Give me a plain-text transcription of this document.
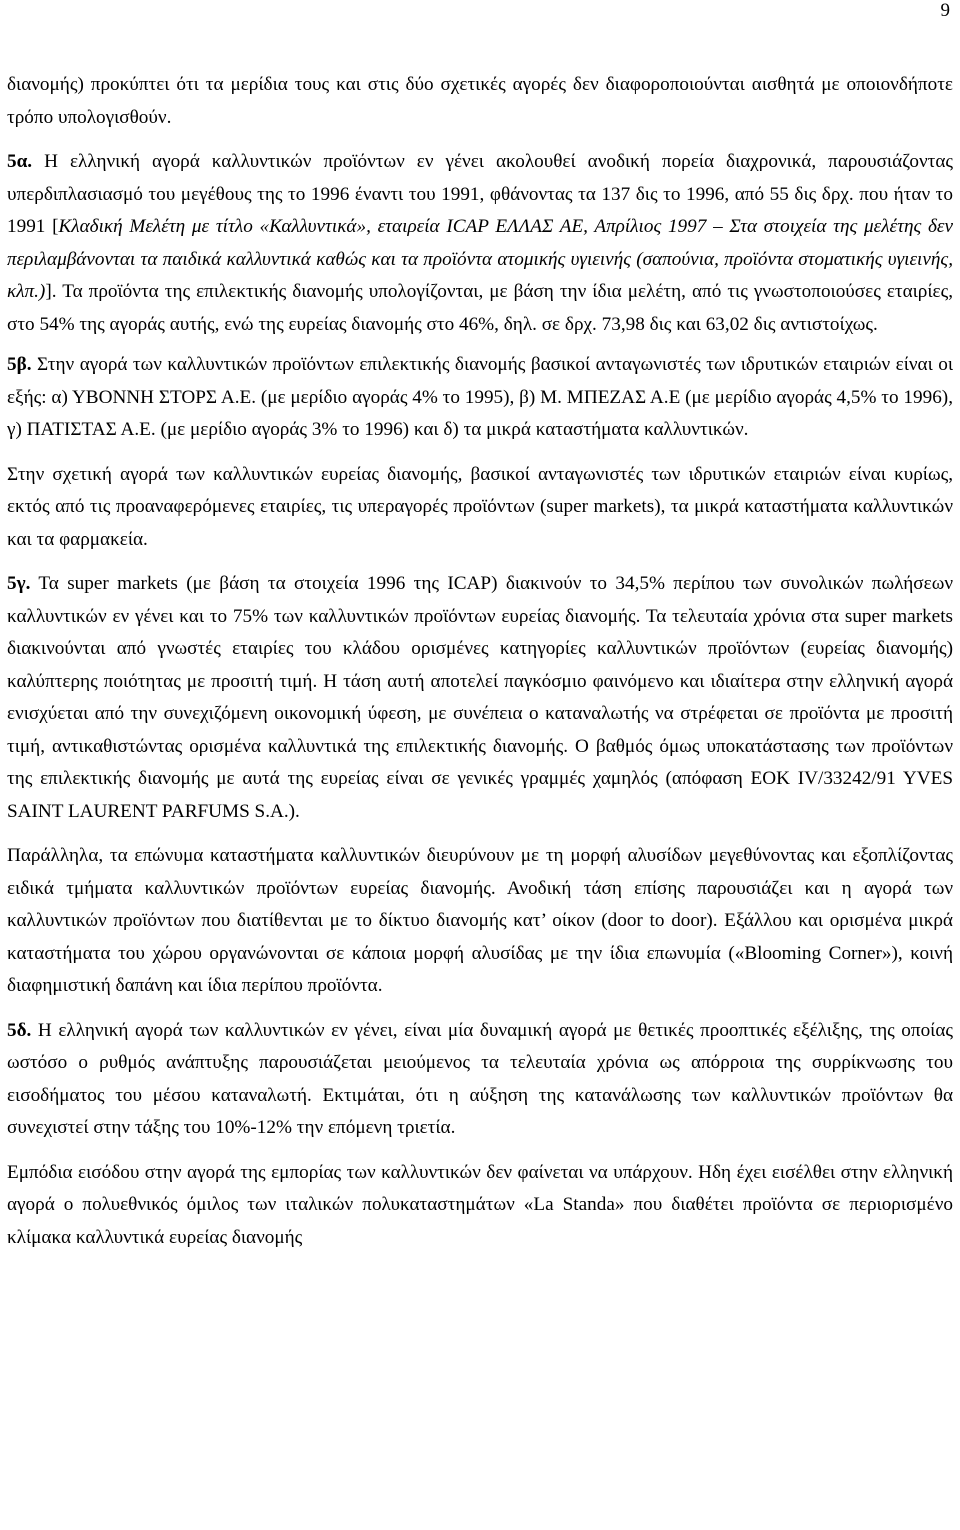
9

διανομής) προκύπτει ότι τα μερίδια τους και στις δύο σχετικές αγορές δεν διαφοροποιούνται αισθητά με οποιονδήποτε τρόπο υπολογισθούν.

5α. Η ελληνική αγορά καλλυντικών προϊόντων εν γένει ακολουθεί ανοδική πορεία διαχρονικά, παρουσιάζοντας υπερδιπλασιασμό του μεγέθους της το 1996 έναντι του 1991, φθάνοντας τα 137 δις το 1996, από 55 δις δρχ. που ήταν το 1991 [Κλαδική Μελέτη με τίτλο «Καλλυντικά», εταιρεία ICAP ΕΛΛΑΣ ΑΕ, Απρίλιος 1997 – Στα στοιχεία της μελέτης δεν περιλαμβάνονται τα παιδικά καλλυντικά καθώς και τα προϊόντα ατομικής υγιεινής (σαπούνια, προϊόντα στοματικής υγιεινής, κλπ.)]. Τα προϊόντα της επιλεκτικής διανομής υπολογίζονται, με βάση την ίδια μελέτη, από τις γνωστοποιούσες εταιρίες, στο 54% της αγοράς αυτής, ενώ της ευρείας διανομής στο 46%, δηλ. σε δρχ. 73,98 δις και 63,02 δις αντιστοίχως.

5β. Στην αγορά των καλλυντικών προϊόντων επιλεκτικής διανομής βασικοί ανταγωνιστές των ιδρυτικών εταιριών είναι οι εξής: α) ΥΒΟΝΝΗ ΣΤΟΡΣ Α.Ε. (με μερίδιο αγοράς 4% το 1995), β) Μ. ΜΠΕΖΑΣ Α.Ε (με μερίδιο αγοράς 4,5% το 1996), γ) ΠΑΤΙΣΤΑΣ Α.Ε. (με μερίδιο αγοράς 3% το 1996) και δ) τα μικρά καταστήματα καλλυντικών.

Στην σχετική αγορά των καλλυντικών ευρείας διανομής, βασικοί ανταγωνιστές των ιδρυτικών εταιριών είναι κυρίως, εκτός από τις προαναφερόμενες εταιρίες, τις υπεραγορές προϊόντων (super markets), τα μικρά καταστήματα καλλυντικών και τα φαρμακεία.

5γ. Τα super markets (με βάση τα στοιχεία 1996 της ICAP) διακινούν το 34,5% περίπου των συνολικών πωλήσεων καλλυντικών εν γένει και το 75% των καλλυντικών προϊόντων ευρείας διανομής. Τα τελευταία χρόνια στα super markets διακινούνται από γνωστές εταιρίες του κλάδου ορισμένες κατηγορίες καλλυντικών προϊόντων (ευρείας διανομής) καλύπτερης ποιότητας με προσιτή τιμή. Η τάση αυτή αποτελεί παγκόσμιο φαινόμενο και ιδιαίτερα στην ελληνική αγορά ενισχύεται από την συνεχιζόμενη οικονομική ύφεση, με συνέπεια ο καταναλωτής να στρέφεται σε προϊόντα με προσιτή τιμή, αντικαθιστώντας ορισμένα καλλυντικά της επιλεκτικής διανομής. Ο βαθμός όμως υποκατάστασης των προϊόντων της επιλεκτικής διανομής με αυτά της ευρείας είναι σε γενικές γραμμές χαμηλός (απόφαση ΕΟΚ IV/33242/91 YVES SAINT LAURENT PARFUMS S.A.).

Παράλληλα, τα επώνυμα καταστήματα καλλυντικών διευρύνουν με τη μορφή αλυσίδων μεγεθύνοντας και εξοπλίζοντας ειδικά τμήματα καλλυντικών προϊόντων ευρείας διανομής. Ανοδική τάση επίσης παρουσιάζει και η αγορά των καλλυντικών προϊόντων που διατίθενται με το δίκτυο διανομής κατ’ οίκον (door to door). Εξάλλου και ορισμένα μικρά καταστήματα του χώρου οργανώνονται σε κάποια μορφή αλυσίδας με την ίδια επωνυμία («Blooming Corner»), κοινή διαφημιστική δαπάνη και ίδια περίπου προϊόντα.

5δ. Η ελληνική αγορά των καλλυντικών εν γένει, είναι μία δυναμική αγορά με θετικές προοπτικές εξέλιξης, της οποίας ωστόσο ο ρυθμός ανάπτυξης παρουσιάζεται μειούμενος τα τελευταία χρόνια ως απόρροια της συρρίκνωσης του εισοδήματος του μέσου καταναλωτή. Εκτιμάται, ότι η αύξηση της κατανάλωσης των καλλυντικών προϊόντων θα συνεχιστεί στην τάξης του 10%-12% την επόμενη τριετία.

Εμπόδια εισόδου στην αγορά της εμπορίας των καλλυντικών δεν φαίνεται να υπάρχουν. Ηδη έχει εισέλθει στην ελληνική αγορά ο πολυεθνικός όμιλος των ιταλικών πολυκαταστημάτων «La Standa» που διαθέτει προϊόντα σε περιορισμένο κλίμακα καλλυντικά ευρείας διανομής
